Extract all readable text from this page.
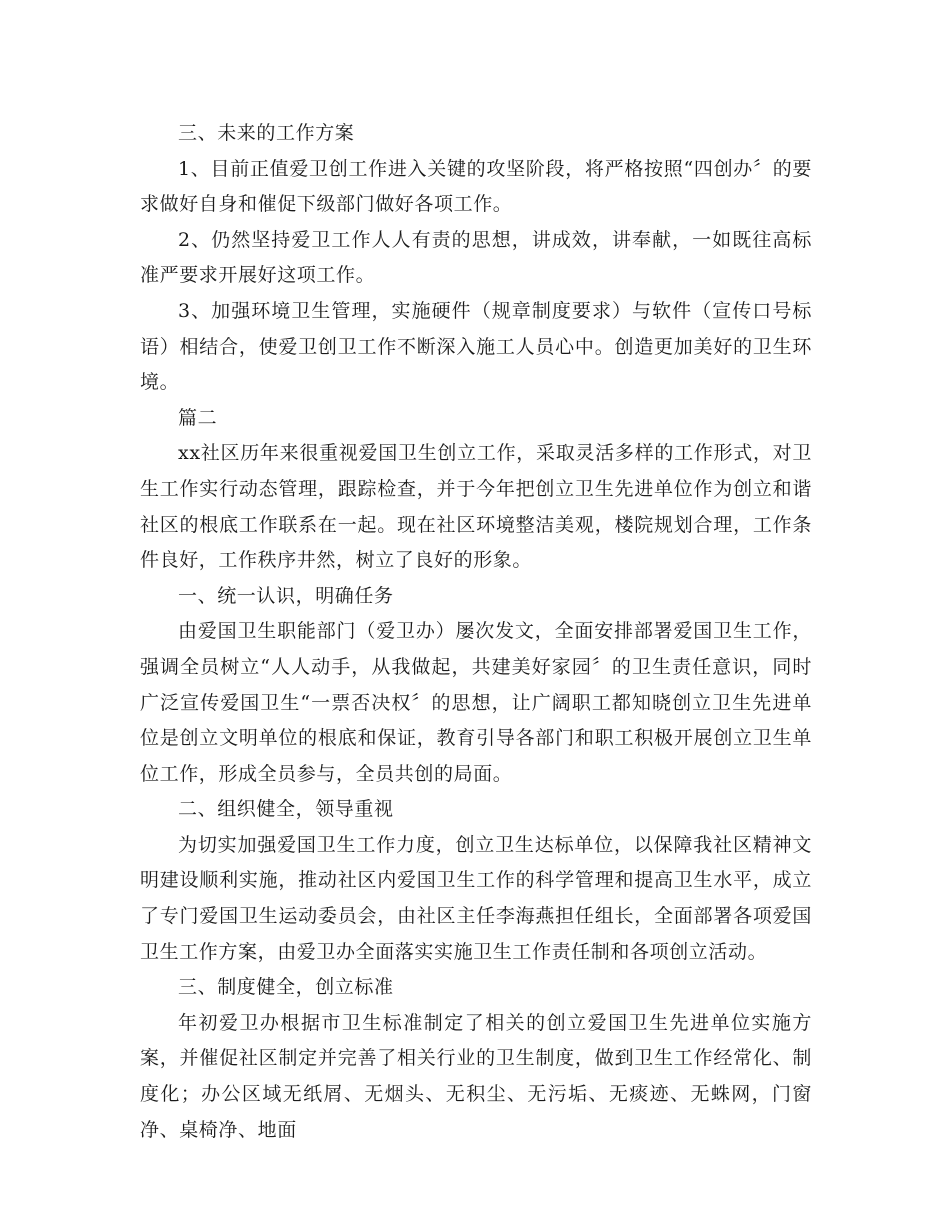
三、未来的工作方案

1、目前正值爱卫创工作进入关键的攻坚阶段，将严格按照“四创办〞的要求做好自身和催促下级部门做好各项工作。

2、仍然坚持爱卫工作人人有责的思想，讲成效，讲奉献，一如既往高标准严要求开展好这项工作。

3、加强环境卫生管理，实施硬件（规章制度要求）与软件（宣传口号标语）相结合，使爱卫创卫工作不断深入施工人员心中。创造更加美好的卫生环境。

篇二

xx社区历年来很重视爱国卫生创立工作，采取灵活多样的工作形式，对卫生工作实行动态管理，跟踪检查，并于今年把创立卫生先进单位作为创立和谐社区的根底工作联系在一起。现在社区环境整洁美观，楼院规划合理，工作条件良好，工作秩序井然，树立了良好的形象。

一、统一认识，明确任务

由爱国卫生职能部门（爱卫办）屡次发文，全面安排部署爱国卫生工作，强调全员树立“人人动手，从我做起，共建美好家园〞的卫生责任意识，同时广泛宣传爱国卫生“一票否决权〞的思想，让广阔职工都知晓创立卫生先进单位是创立文明单位的根底和保证，教育引导各部门和职工积极开展创立卫生单位工作，形成全员参与，全员共创的局面。

二、组织健全，领导重视

为切实加强爱国卫生工作力度，创立卫生达标单位，以保障我社区精神文明建设顺利实施，推动社区内爱国卫生工作的科学管理和提高卫生水平，成立了专门爱国卫生运动委员会，由社区主任李海燕担任组长，全面部署各项爱国卫生工作方案，由爱卫办全面落实实施卫生工作责任制和各项创立活动。

三、制度健全，创立标准

年初爱卫办根据市卫生标准制定了相关的创立爱国卫生先进单位实施方案，并催促社区制定并完善了相关行业的卫生制度，做到卫生工作经常化、制度化；办公区域无纸屑、无烟头、无积尘、无污垢、无痰迹、无蛛网，门窗净、桌椅净、地面
